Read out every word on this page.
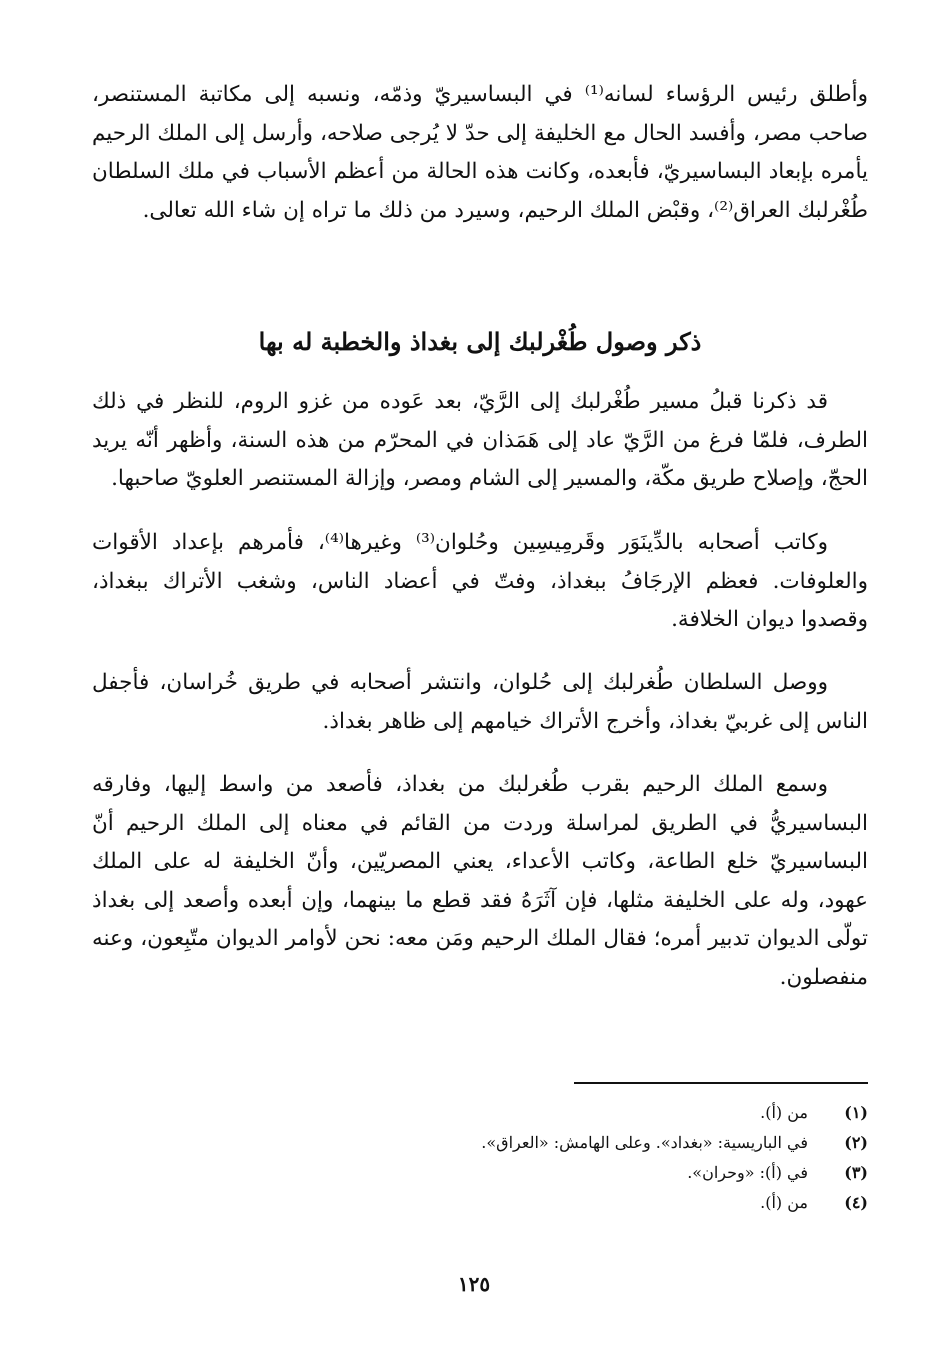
وأطلق رئيس الرؤساء لسانه⁽¹⁾ في البساسيريّ وذمّه، ونسبه إلى مكاتبة المستنصر، صاحب مصر، وأفسد الحال مع الخليفة إلى حدّ لا يُرجى صلاحه، وأرسل إلى الملك الرحيم يأمره بإبعاد البساسيريّ، فأبعده، وكانت هذه الحالة من أعظم الأسباب في ملك السلطان طُغْرلبك العراق⁽²⁾، وقبْض الملك الرحيم، وسيرد من ذلك ما تراه إن شاء الله تعالى.

ذكر وصول طُغْرلبك إلى بغداذ والخطبة له بها

قد ذكرنا قبلُ مسير طُغْرلبك إلى الرَّيّ، بعد عَوده من غزو الروم، للنظر في ذلك الطرف، فلمّا فرغ من الرَّيّ عاد إلى هَمَذان في المحرّم من هذه السنة، وأظهر أنّه يريد الحجّ، وإصلاح طريق مكّة، والمسير إلى الشام ومصر، وإزالة المستنصر العلويّ صاحبها.

وكاتب أصحابه بالدِّينَوَر وقَرمِيسِين وحُلوان⁽³⁾ وغيرها⁽⁴⁾، فأمرهم بإعداد الأقوات والعلوفات. فعظم الإرجَافُ ببغداذ، وفتّ في أعضاد الناس، وشغب الأتراك ببغداذ، وقصدوا ديوان الخلافة.

ووصل السلطان طُغرلبك إلى حُلوان، وانتشر أصحابه في طريق خُراسان، فأجفل الناس إلى غربيّ بغداذ، وأخرج الأتراك خيامهم إلى ظاهر بغداذ.

وسمع الملك الرحيم بقرب طُغرلبك من بغداذ، فأصعد من واسط إليها، وفارقه البساسيريُّ في الطريق لمراسلة وردت من القائم في معناه إلى الملك الرحيم أنّ البساسيريّ خلع الطاعة، وكاتب الأعداء، يعني المصريّين، وأنّ الخليفة له على الملك عهود، وله على الخليفة مثلها، فإن آثَرَهُ فقد قطع ما بينهما، وإن أبعده وأصعد إلى بغداذ تولّى الديوان تدبير أمره؛ فقال الملك الرحيم ومَن معه: نحن لأوامر الديوان متّبِعون، وعنه منفصلون.

(١)
من (أ).
(٢)
في الباريسية: «بغداد». وعلى الهامش: «العراق».
(٣)
في (أ): «وحران».
(٤)
من (أ).
١٢٥
